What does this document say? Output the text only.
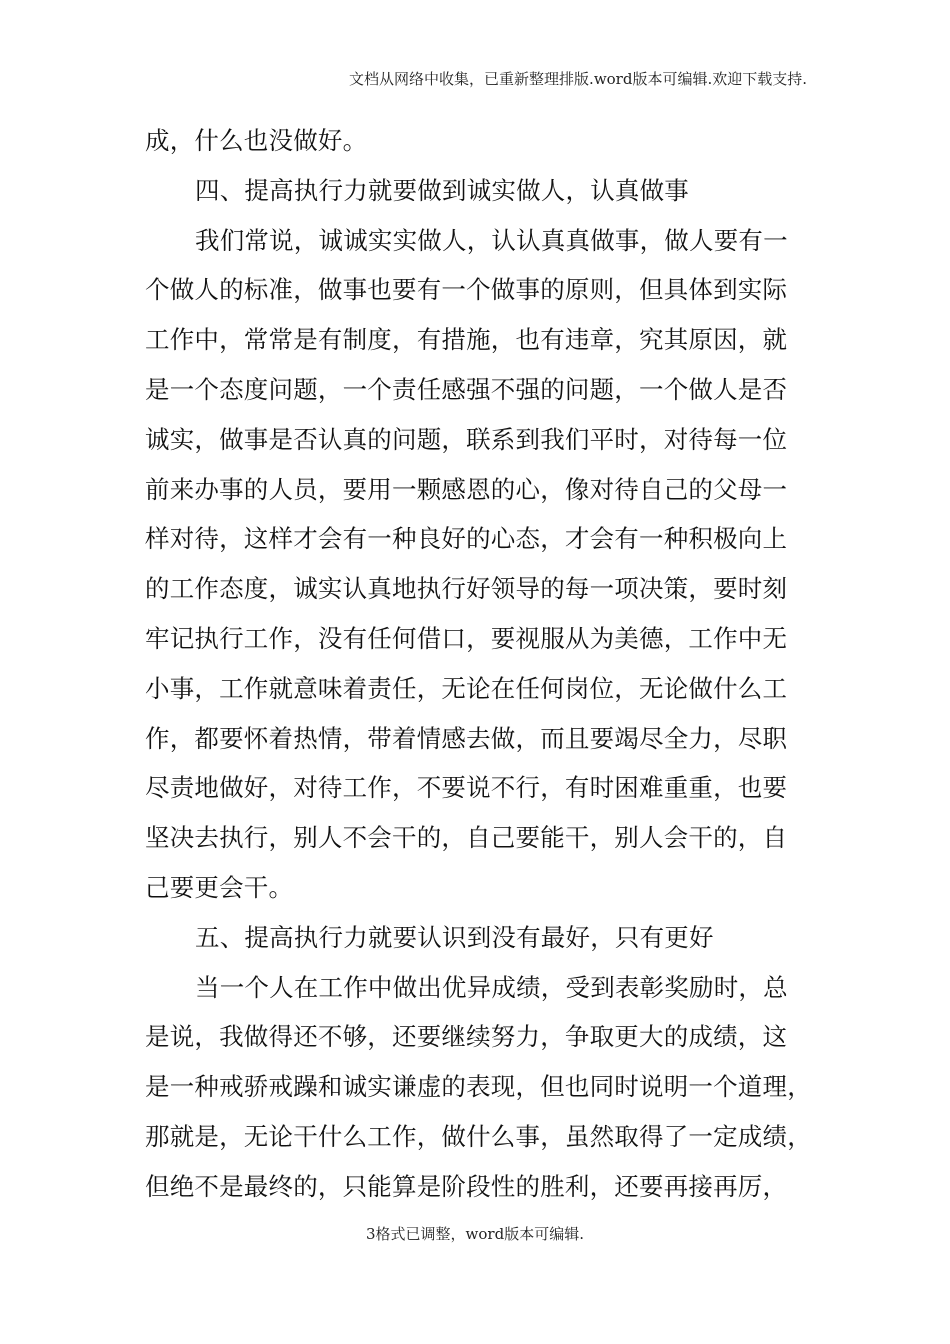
文档从网络中收集，已重新整理排版.word版本可编辑.欢迎下载支持.
成，什么也没做好。
四、提高执行力就要做到诚实做人，认真做事
我们常说，诚诚实实做人，认认真真做事，做人要有一
个做人的标准，做事也要有一个做事的原则，但具体到实际
工作中，常常是有制度，有措施，也有违章，究其原因，就
是一个态度问题，一个责任感强不强的问题，一个做人是否
诚实，做事是否认真的问题，联系到我们平时，对待每一位
前来办事的人员，要用一颗感恩的心，像对待自己的父母一
样对待，这样才会有一种良好的心态，才会有一种积极向上
的工作态度，诚实认真地执行好领导的每一项决策，要时刻
牢记执行工作，没有任何借口，要视服从为美德，工作中无
小事，工作就意味着责任，无论在任何岗位，无论做什么工
作，都要怀着热情，带着情感去做，而且要竭尽全力，尽职
尽责地做好，对待工作，不要说不行，有时困难重重，也要
坚决去执行，别人不会干的，自己要能干，别人会干的，自
己要更会干。
五、提高执行力就要认识到没有最好，只有更好
当一个人在工作中做出优异成绩，受到表彰奖励时，总
是说，我做得还不够，还要继续努力，争取更大的成绩，这
是一种戒骄戒躁和诚实谦虚的表现，但也同时说明一个道理，
那就是，无论干什么工作，做什么事，虽然取得了一定成绩，
但绝不是最终的，只能算是阶段性的胜利，还要再接再厉，
3格式已调整，word版本可编辑.
